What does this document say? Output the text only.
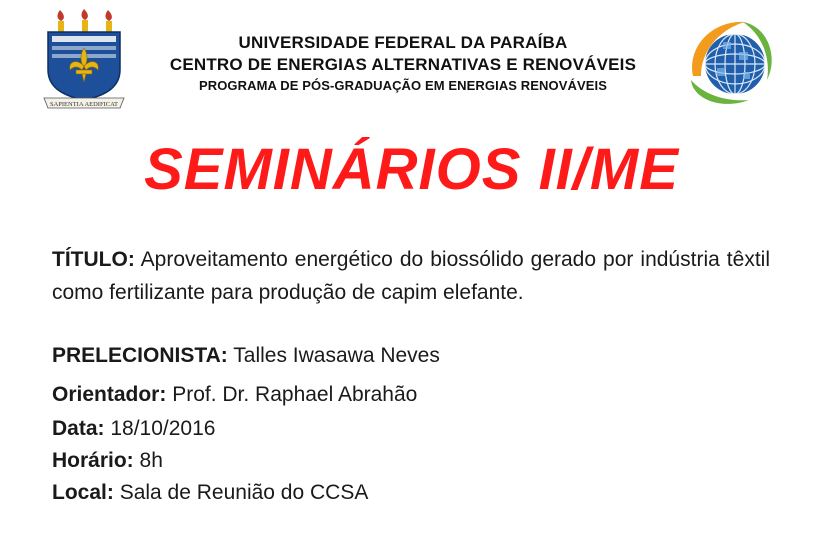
SAPIENTIA AEDIFICAT
UNIVERSIDADE FEDERAL DA PARAÍBA
CENTRO DE ENERGIAS ALTERNATIVAS E RENOVÁVEIS
PROGRAMA DE PÓS-GRADUAÇÃO EM ENERGIAS RENOVÁVEIS
SEMINÁRIOS II/ME
TÍTULO: Aproveitamento energético do biossólido gerado por indústria têxtil como fertilizante para produção de capim elefante.
PRELECIONISTA: Talles Iwasawa Neves
Orientador: Prof. Dr. Raphael Abrahão
Data: 18/10/2016
Horário: 8h
Local: Sala de Reunião do CCSA
